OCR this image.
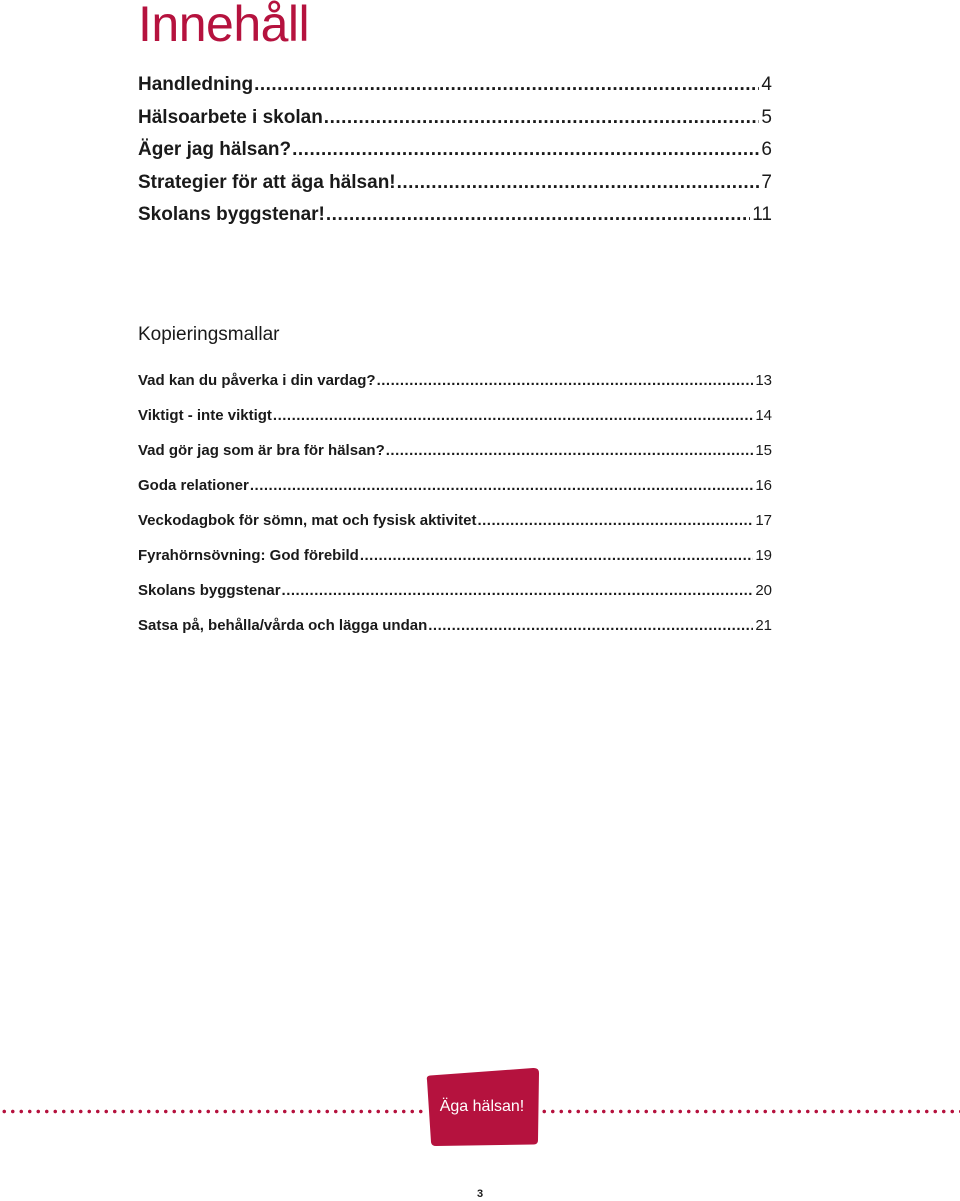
Innehåll
Handledning .....	4
Hälsoarbete i skolan .....	5
Äger jag hälsan? .....	6
Strategier för att äga hälsan! .....	7
Skolans byggstenar! .....	11
Kopieringsmallar
Vad kan du påverka i din vardag? .....	13
Viktigt - inte viktigt .....	14
Vad gör jag som är bra för hälsan? .....	15
Goda relationer .....	16
Veckodagbok för sömn, mat och fysisk aktivitet .....	17
Fyrahörnsövning: God förebild .....	19
Skolans byggstenar .....	20
Satsa på, behålla/vårda och lägga undan .....	21
Äga hälsan!
3
